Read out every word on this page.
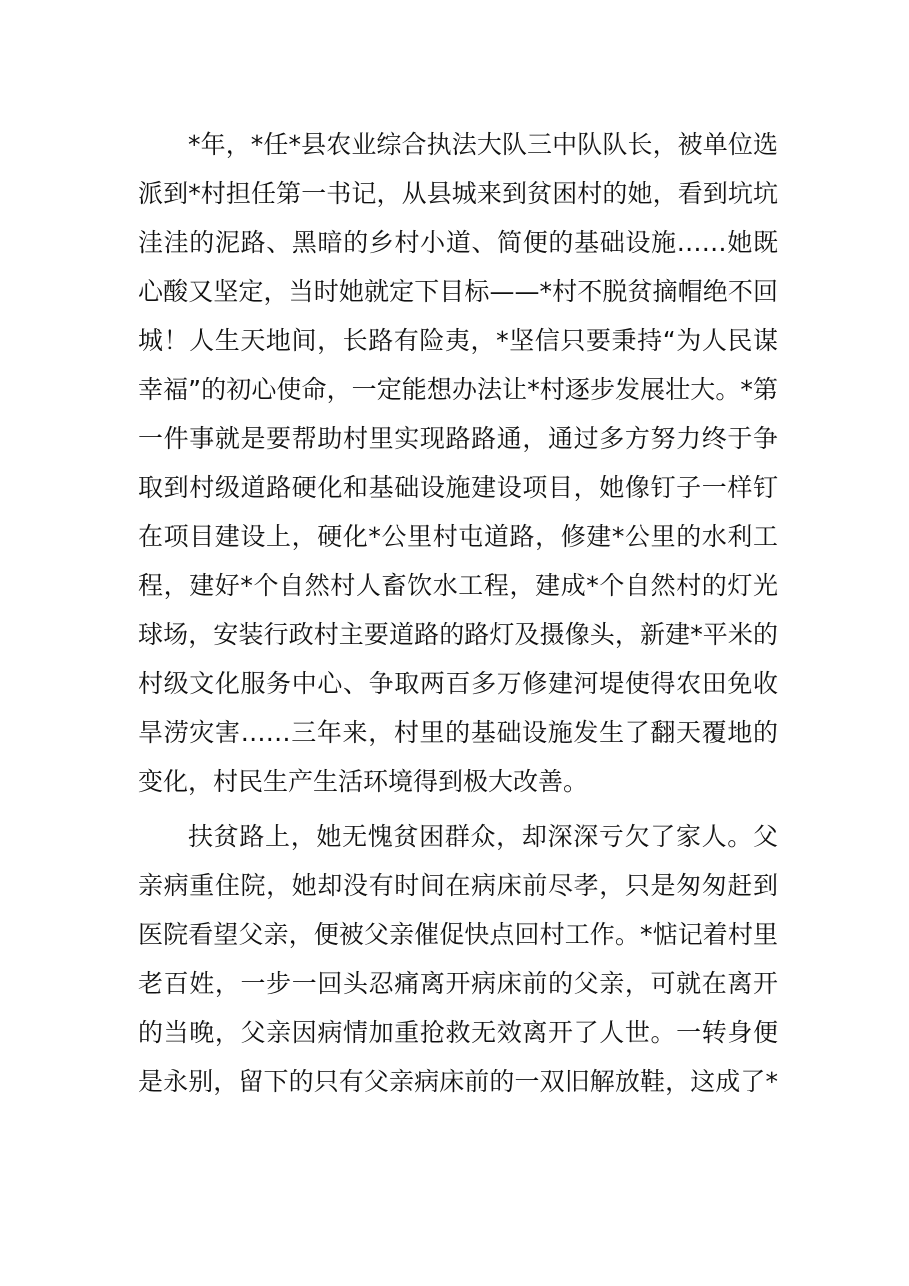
*年，*任*县农业综合执法大队三中队队长，被单位选
派到*村担任第一书记，从县城来到贫困村的她，看到坑坑
洼洼的泥路、黑暗的乡村小道、简便的基础设施……她既
心酸又坚定，当时她就定下目标——*村不脱贫摘帽绝不回
城！人生天地间，长路有险夷，*坚信只要秉持“为人民谋
幸福”的初心使命，一定能想办法让*村逐步发展壮大。*第
一件事就是要帮助村里实现路路通，通过多方努力终于争
取到村级道路硬化和基础设施建设项目，她像钉子一样钉
在项目建设上，硬化*公里村屯道路，修建*公里的水利工
程，建好*个自然村人畜饮水工程，建成*个自然村的灯光
球场，安装行政村主要道路的路灯及摄像头，新建*平米的
村级文化服务中心、争取两百多万修建河堤使得农田免收
旱涝灾害……三年来，村里的基础设施发生了翻天覆地的
变化，村民生产生活环境得到极大改善。
扶贫路上，她无愧贫困群众，却深深亏欠了家人。父
亲病重住院，她却没有时间在病床前尽孝，只是匆匆赶到
医院看望父亲，便被父亲催促快点回村工作。*惦记着村里
老百姓，一步一回头忍痛离开病床前的父亲，可就在离开
的当晚，父亲因病情加重抢救无效离开了人世。一转身便
是永别，留下的只有父亲病床前的一双旧解放鞋，这成了*
